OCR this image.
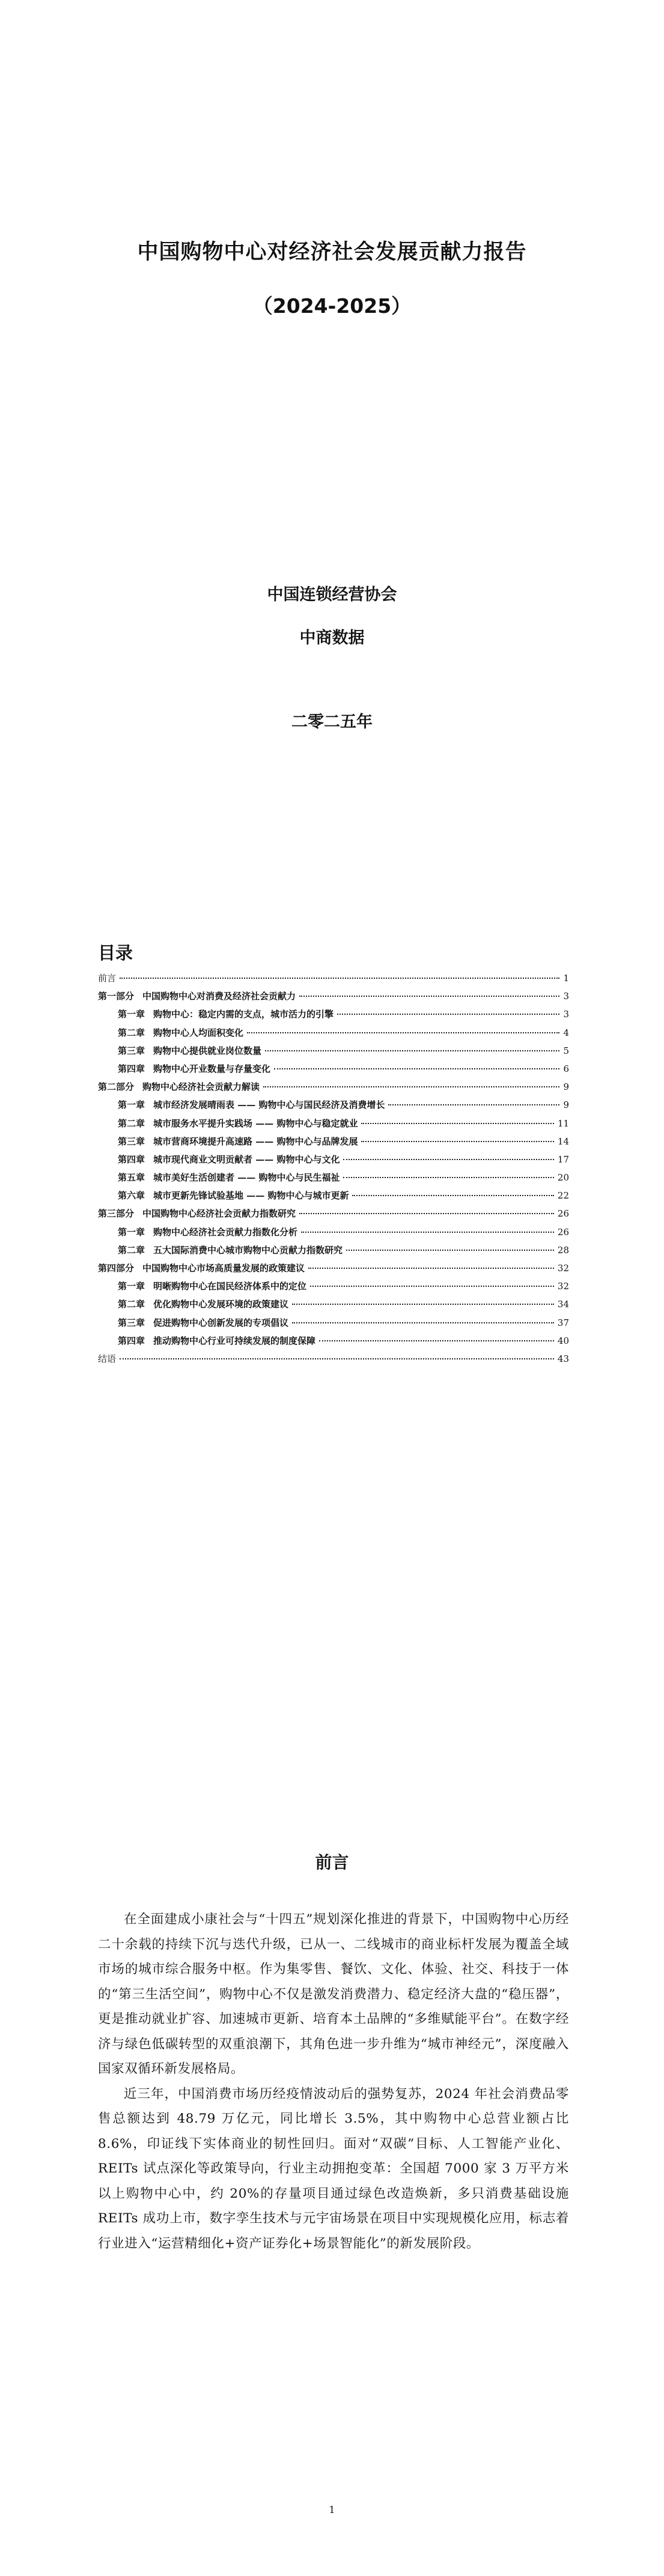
中国购物中心对经济社会发展贡献力报告
（2024-2025）
中国连锁经营协会
中商数据
二零二五年
目录
前言	1
第一部分 中国购物中心对消费及经济社会贡献力	3
第一章 购物中心：稳定内需的支点，城市活力的引擎	3
第二章 购物中心人均面积变化	4
第三章 购物中心提供就业岗位数量	5
第四章 购物中心开业数量与存量变化	6
第二部分 购物中心经济社会贡献力解读	9
第一章 城市经济发展晴雨表 —— 购物中心与国民经济及消费增长	9
第二章 城市服务水平提升实践场 —— 购物中心与稳定就业	11
第三章 城市营商环境提升高速路 —— 购物中心与品牌发展	14
第四章 城市现代商业文明贡献者 —— 购物中心与文化	17
第五章 城市美好生活创建者 —— 购物中心与民生福祉	20
第六章 城市更新先锋试验基地 —— 购物中心与城市更新	22
第三部分 中国购物中心经济社会贡献力指数研究	26
第一章 购物中心经济社会贡献力指数化分析	26
第二章 五大国际消费中心城市购物中心贡献力指数研究	28
第四部分 中国购物中心市场高质量发展的政策建议	32
第一章 明晰购物中心在国民经济体系中的定位	32
第二章 优化购物中心发展环境的政策建议	34
第三章 促进购物中心创新发展的专项倡议	37
第四章 推动购物中心行业可持续发展的制度保障	40
结语	43
前言

在全面建成小康社会与“十四五”规划深化推进的背景下，中国购物中心历经二十余载的持续下沉与迭代升级，已从一、二线城市的商业标杆发展为覆盖全域市场的城市综合服务中枢。作为集零售、餐饮、文化、体验、社交、科技于一体的“第三生活空间”，购物中心不仅是激发消费潜力、稳定经济大盘的“稳压器”，更是推动就业扩容、加速城市更新、培育本土品牌的“多维赋能平台”。在数字经济与绿色低碳转型的双重浪潮下，其角色进一步升维为“城市神经元”，深度融入国家双循环新发展格局。

近三年，中国消费市场历经疫情波动后的强势复苏，2024 年社会消费品零售总额达到 48.79 万亿元，同比增长 3.5%，其中购物中心总营业额占比 8.6%，印证线下实体商业的韧性回归。面对“双碳”目标、人工智能产业化、REITs 试点深化等政策导向，行业主动拥抱变革：全国超 7000 家 3 万平方米以上购物中心中，约 20%的存量项目通过绿色改造焕新，多只消费基础设施 REITs 成功上市，数字孪生技术与元宇宙场景在项目中实现规模化应用，标志着行业进入“运营精细化+资产证券化+场景智能化”的新发展阶段。

1
